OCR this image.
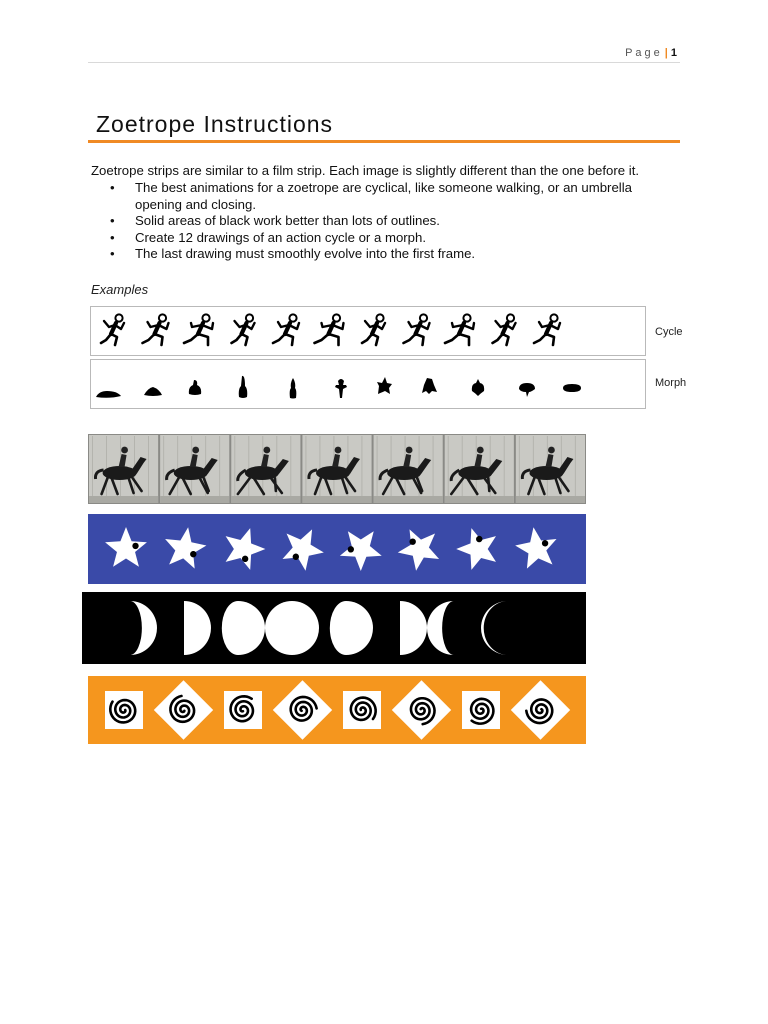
Page | 1
Zoetrope Instructions

Zoetrope strips are similar to a film strip. Each image is slightly different than the one before it.

• The best animations for a zoetrope are cyclical, like someone walking, or an umbrella opening and closing.
• Solid areas of black work better than lots of outlines.
• Create 12 drawings of an action cycle or a morph.
• The last drawing must smoothly evolve into the first frame.
Examples
Cycle
Morph
